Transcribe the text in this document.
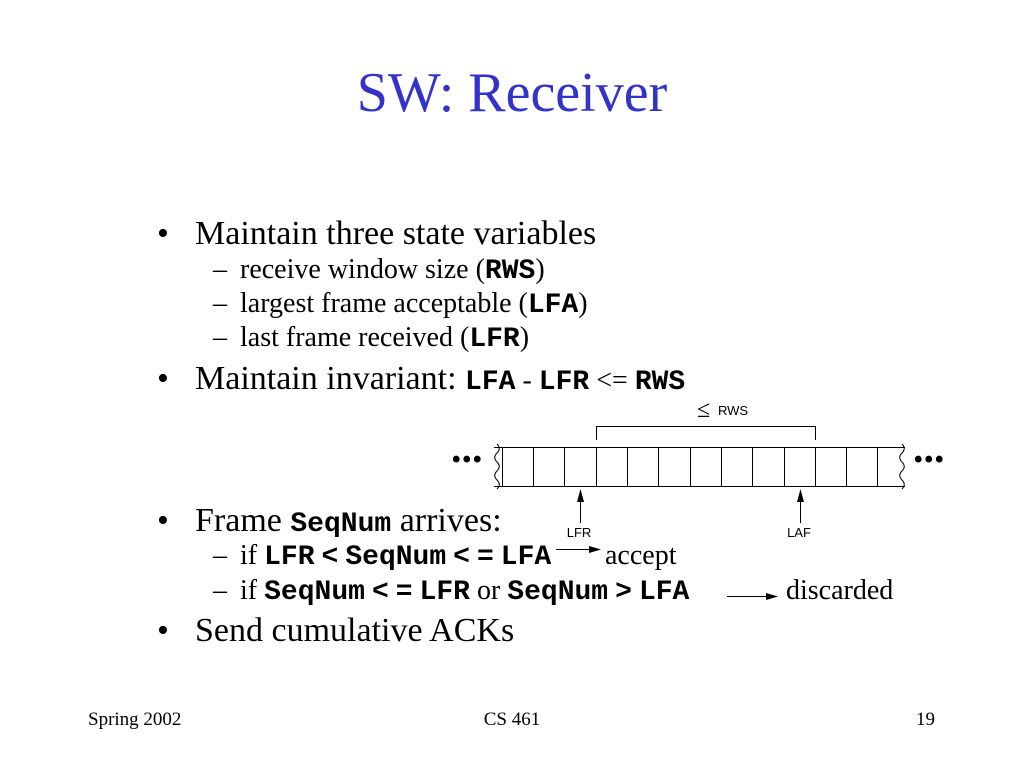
SW: Receiver
• Maintain three state variables
– receive window size (RWS)
– largest frame acceptable (LFA)
– last frame received (LFR)
• Maintain invariant: LFA - LFR <= RWS
• Frame SeqNum arrives:
– if LFR < SeqNum < = LFA accept
– if SeqNum < = LFR or SeqNum > LFA	discarded
• Send cumulative ACKs
≤ RWS
...	...
LFR	LAF
Spring 2002	CS 461	19
